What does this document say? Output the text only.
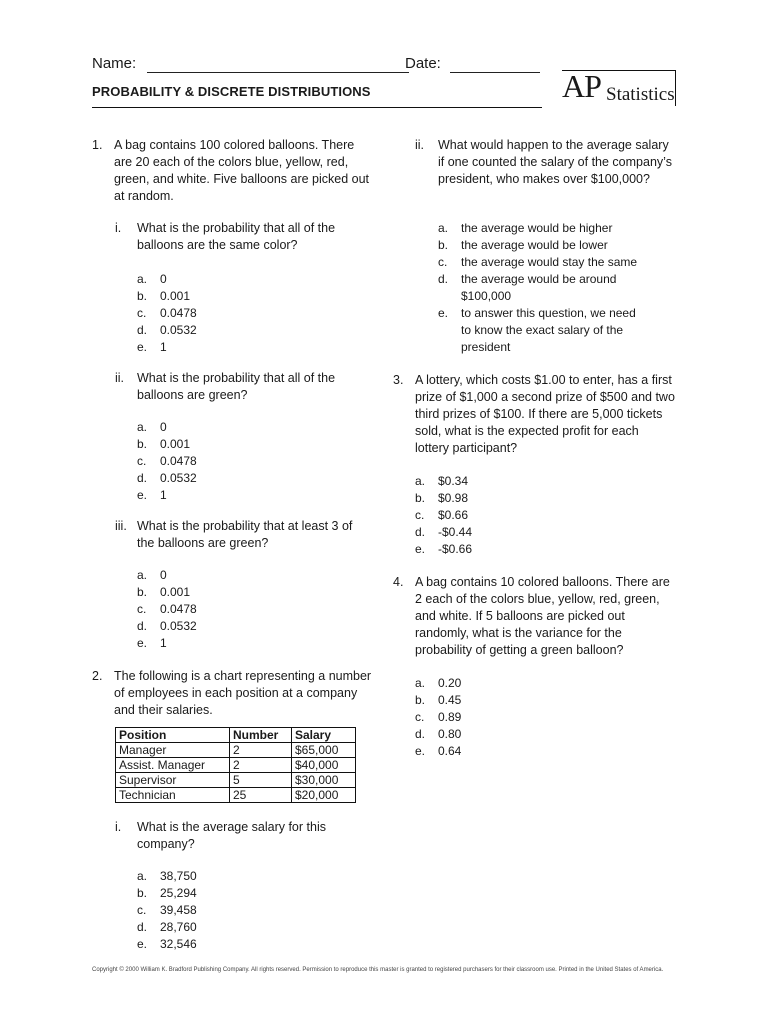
Name:	Date:
PROBABILITY & DISCRETE DISTRIBUTIONS	AP Statistics
1. A bag contains 100 colored balloons. There are 20 each of the colors blue, yellow, red, green, and white. Five balloons are picked out at random.
i. What is the probability that all of the balloons are the same color?
a. 0
b. 0.001
c. 0.0478
d. 0.0532
e. 1
ii. What is the probability that all of the balloons are green?
a. 0
b. 0.001
c. 0.0478
d. 0.0532
e. 1
iii. What is the probability that at least 3 of the balloons are green?
a. 0
b. 0.001
c. 0.0478
d. 0.0532
e. 1
2. The following is a chart representing a number of employees in each position at a company and their salaries.
Position	Number	Salary
Manager	2	$65,000
Assist. Manager	2	$40,000
Supervisor	5	$30,000
Technician	25	$20,000
i. What is the average salary for this company?
a. 38,750
b. 25,294
c. 39,458
d. 28,760
e. 32,546
ii. What would happen to the average salary if one counted the salary of the company’s president, who makes over $100,000?
a. the average would be higher
b. the average would be lower
c. the average would stay the same
d. the average would be around
$100,000
e. to answer this question, we need
to know the exact salary of the
president
3. A lottery, which costs $1.00 to enter, has a first prize of $1,000 a second prize of $500 and two third prizes of $100. If there are 5,000 tickets sold, what is the expected profit for each lottery participant?
a. $0.34
b. $0.98
c. $0.66
d. -$0.44
e. -$0.66
4. A bag contains 10 colored balloons. There are 2 each of the colors blue, yellow, red, green, and white. If 5 balloons are picked out randomly, what is the variance for the probability of getting a green balloon?
a. 0.20
b. 0.45
c. 0.89
d. 0.80
e. 0.64
Copyright © 2000 William K. Bradford Publishing Company. All rights reserved. Permission to reproduce this master is granted to registered purchasers for their classroom use. Printed in the United States of America.
